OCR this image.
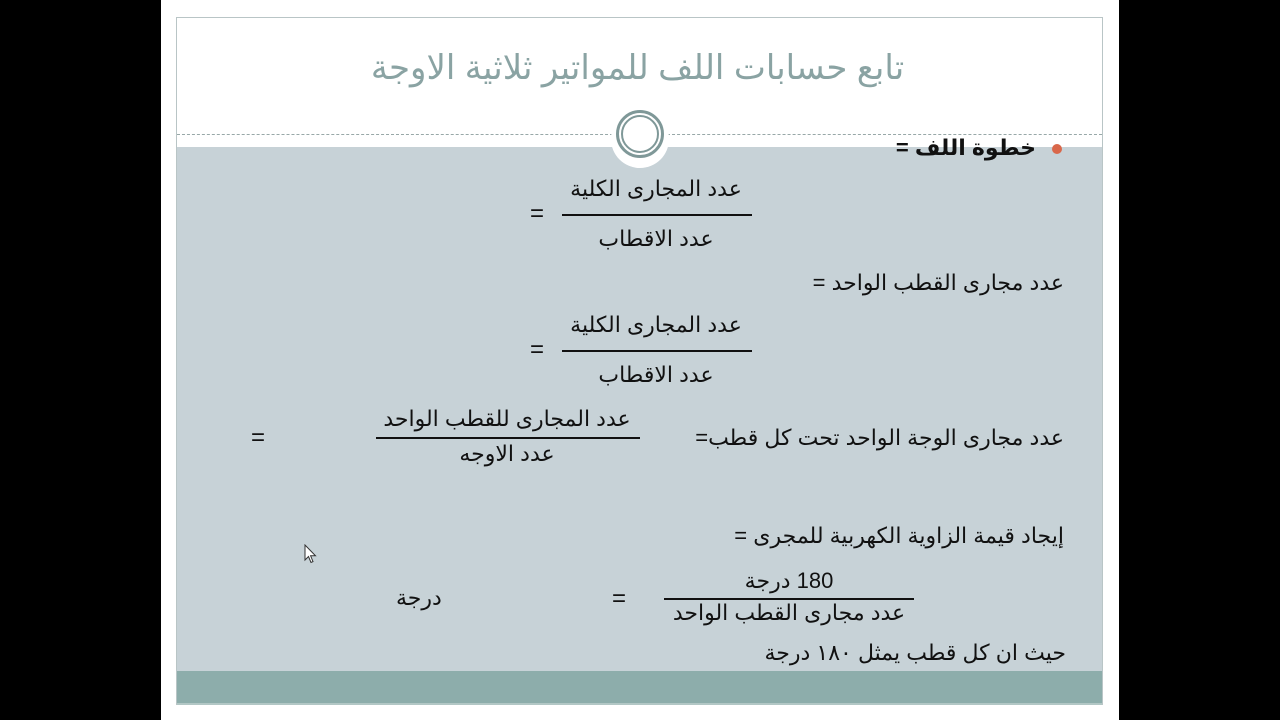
تابع حسابات اللف للمواتير ثلاثية الاوجة
خطوة اللف =
عدد المجارى الكلية
عدد الاقطاب
=
عدد مجارى القطب الواحد =
عدد المجارى الكلية
عدد الاقطاب
=
عدد مجارى الوجة الواحد تحت كل قطب=
عدد المجارى للقطب الواحد
عدد الاوجه
=
إيجاد قيمة الزاوية الكهربية للمجرى =
180 درجة
عدد مجارى القطب الواحد
=
درجة
حيث ان كل قطب يمثل ١٨٠ درجة
